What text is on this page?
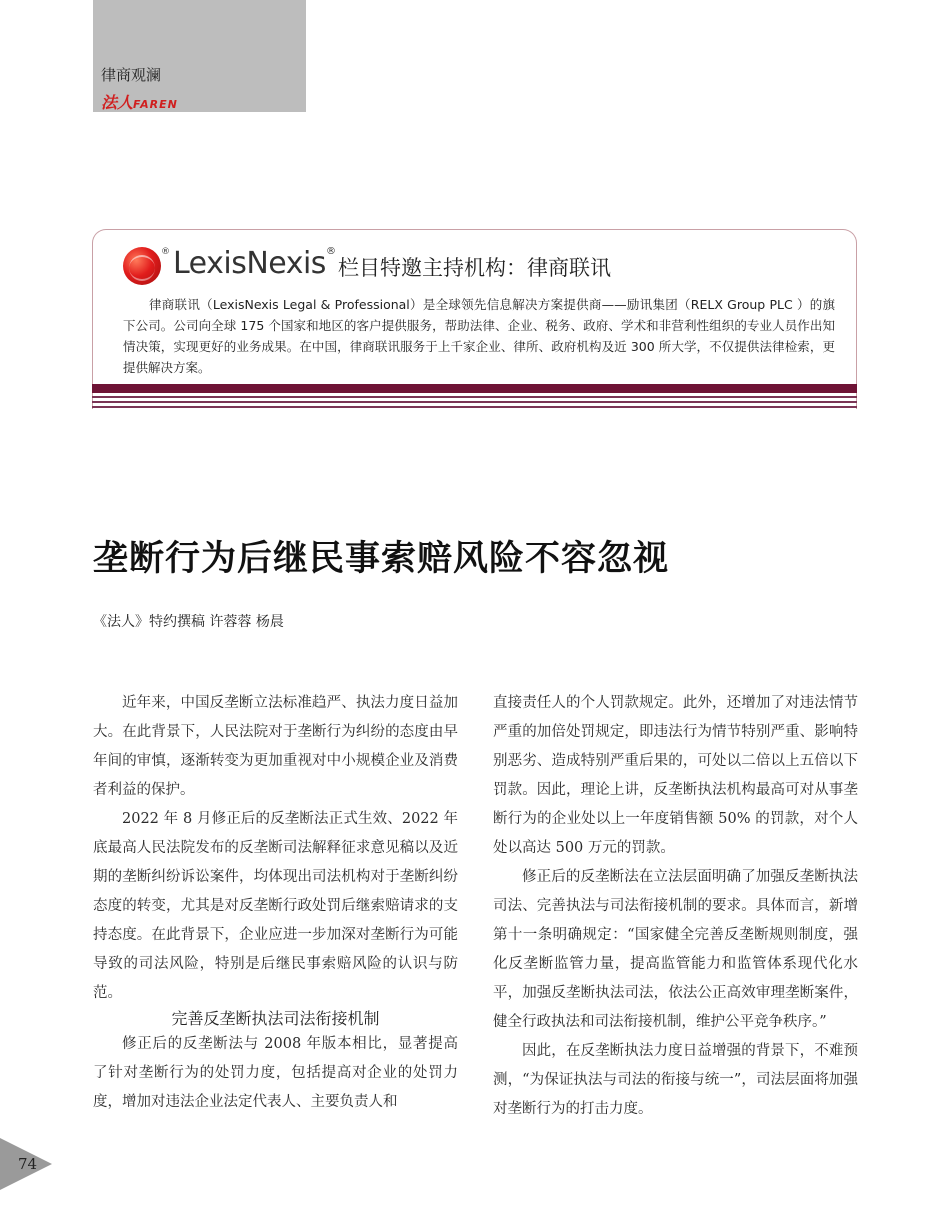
律商观澜
法人FAREN
® LexisNexis®
栏目特邀主持机构：律商联讯
律商联讯（LexisNexis Legal & Professional）是全球领先信息解决方案提供商——励讯集团（RELX Group PLC ）的旗下公司。公司向全球 175 个国家和地区的客户提供服务，帮助法律、企业、税务、政府、学术和非营利性组织的专业人员作出知情决策，实现更好的业务成果。在中国，律商联讯服务于上千家企业、律所、政府机构及近 300 所大学，不仅提供法律检索，更提供解决方案。
垄断行为后继民事索赔风险不容忽视
《法人》特约撰稿 许蓉蓉 杨晨

近年来，中国反垄断立法标准趋严、执法力度日益加大。在此背景下，人民法院对于垄断行为纠纷的态度由早年间的审慎，逐渐转变为更加重视对中小规模企业及消费者利益的保护。

2022 年 8 月修正后的反垄断法正式生效、2022 年底最高人民法院发布的反垄断司法解释征求意见稿以及近期的垄断纠纷诉讼案件，均体现出司法机构对于垄断纠纷态度的转变，尤其是对反垄断行政处罚后继索赔请求的支持态度。在此背景下，企业应进一步加深对垄断行为可能导致的司法风险，特别是后继民事索赔风险的认识与防范。

完善反垄断执法司法衔接机制

修正后的反垄断法与 2008 年版本相比，显著提高了针对垄断行为的处罚力度，包括提高对企业的处罚力度，增加对违法企业法定代表人、主要负责人和

直接责任人的个人罚款规定。此外，还增加了对违法情节严重的加倍处罚规定，即违法行为情节特别严重、影响特别恶劣、造成特别严重后果的，可处以二倍以上五倍以下罚款。因此，理论上讲，反垄断执法机构最高可对从事垄断行为的企业处以上一年度销售额 50% 的罚款，对个人处以高达 500 万元的罚款。

修正后的反垄断法在立法层面明确了加强反垄断执法司法、完善执法与司法衔接机制的要求。具体而言，新增第十一条明确规定：“国家健全完善反垄断规则制度，强化反垄断监管力量，提高监管能力和监管体系现代化水平，加强反垄断执法司法，依法公正高效审理垄断案件，健全行政执法和司法衔接机制，维护公平竞争秩序。”

因此，在反垄断执法力度日益增强的背景下，不难预测，“为保证执法与司法的衔接与统一”，司法层面将加强对垄断行为的打击力度。

74
